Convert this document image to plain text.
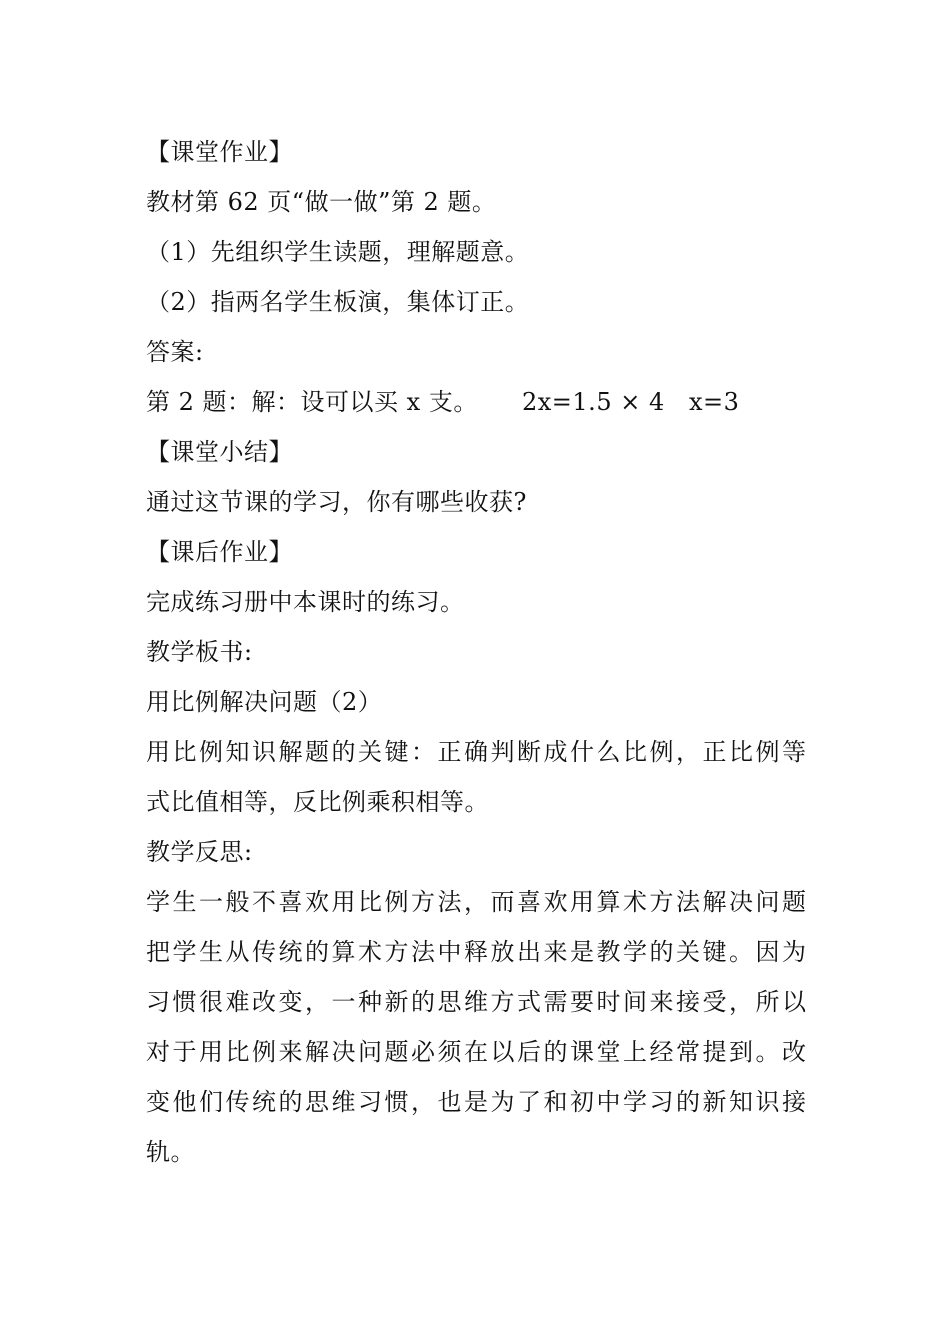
【课堂作业】
教材第 62 页“做一做”第 2 题。
（1）先组织学生读题，理解题意。
（2）指两名学生板演，集体订正。
答案:
第 2 题：解：设可以买 x 支。 2x=1.5 × 4 x=3
【课堂小结】
通过这节课的学习，你有哪些收获?
【课后作业】
完成练习册中本课时的练习。
教学板书:
用比例解决问题（2）
用比例知识解题的关键：正确判断成什么比例，正比例等
式比值相等，反比例乘积相等。
教学反思:
学生一般不喜欢用比例方法，而喜欢用算术方法解决问题
把学生从传统的算术方法中释放出来是教学的关键。因为
习惯很难改变，一种新的思维方式需要时间来接受，所以
对于用比例来解决问题必须在以后的课堂上经常提到。改
变他们传统的思维习惯，也是为了和初中学习的新知识接
轨。
